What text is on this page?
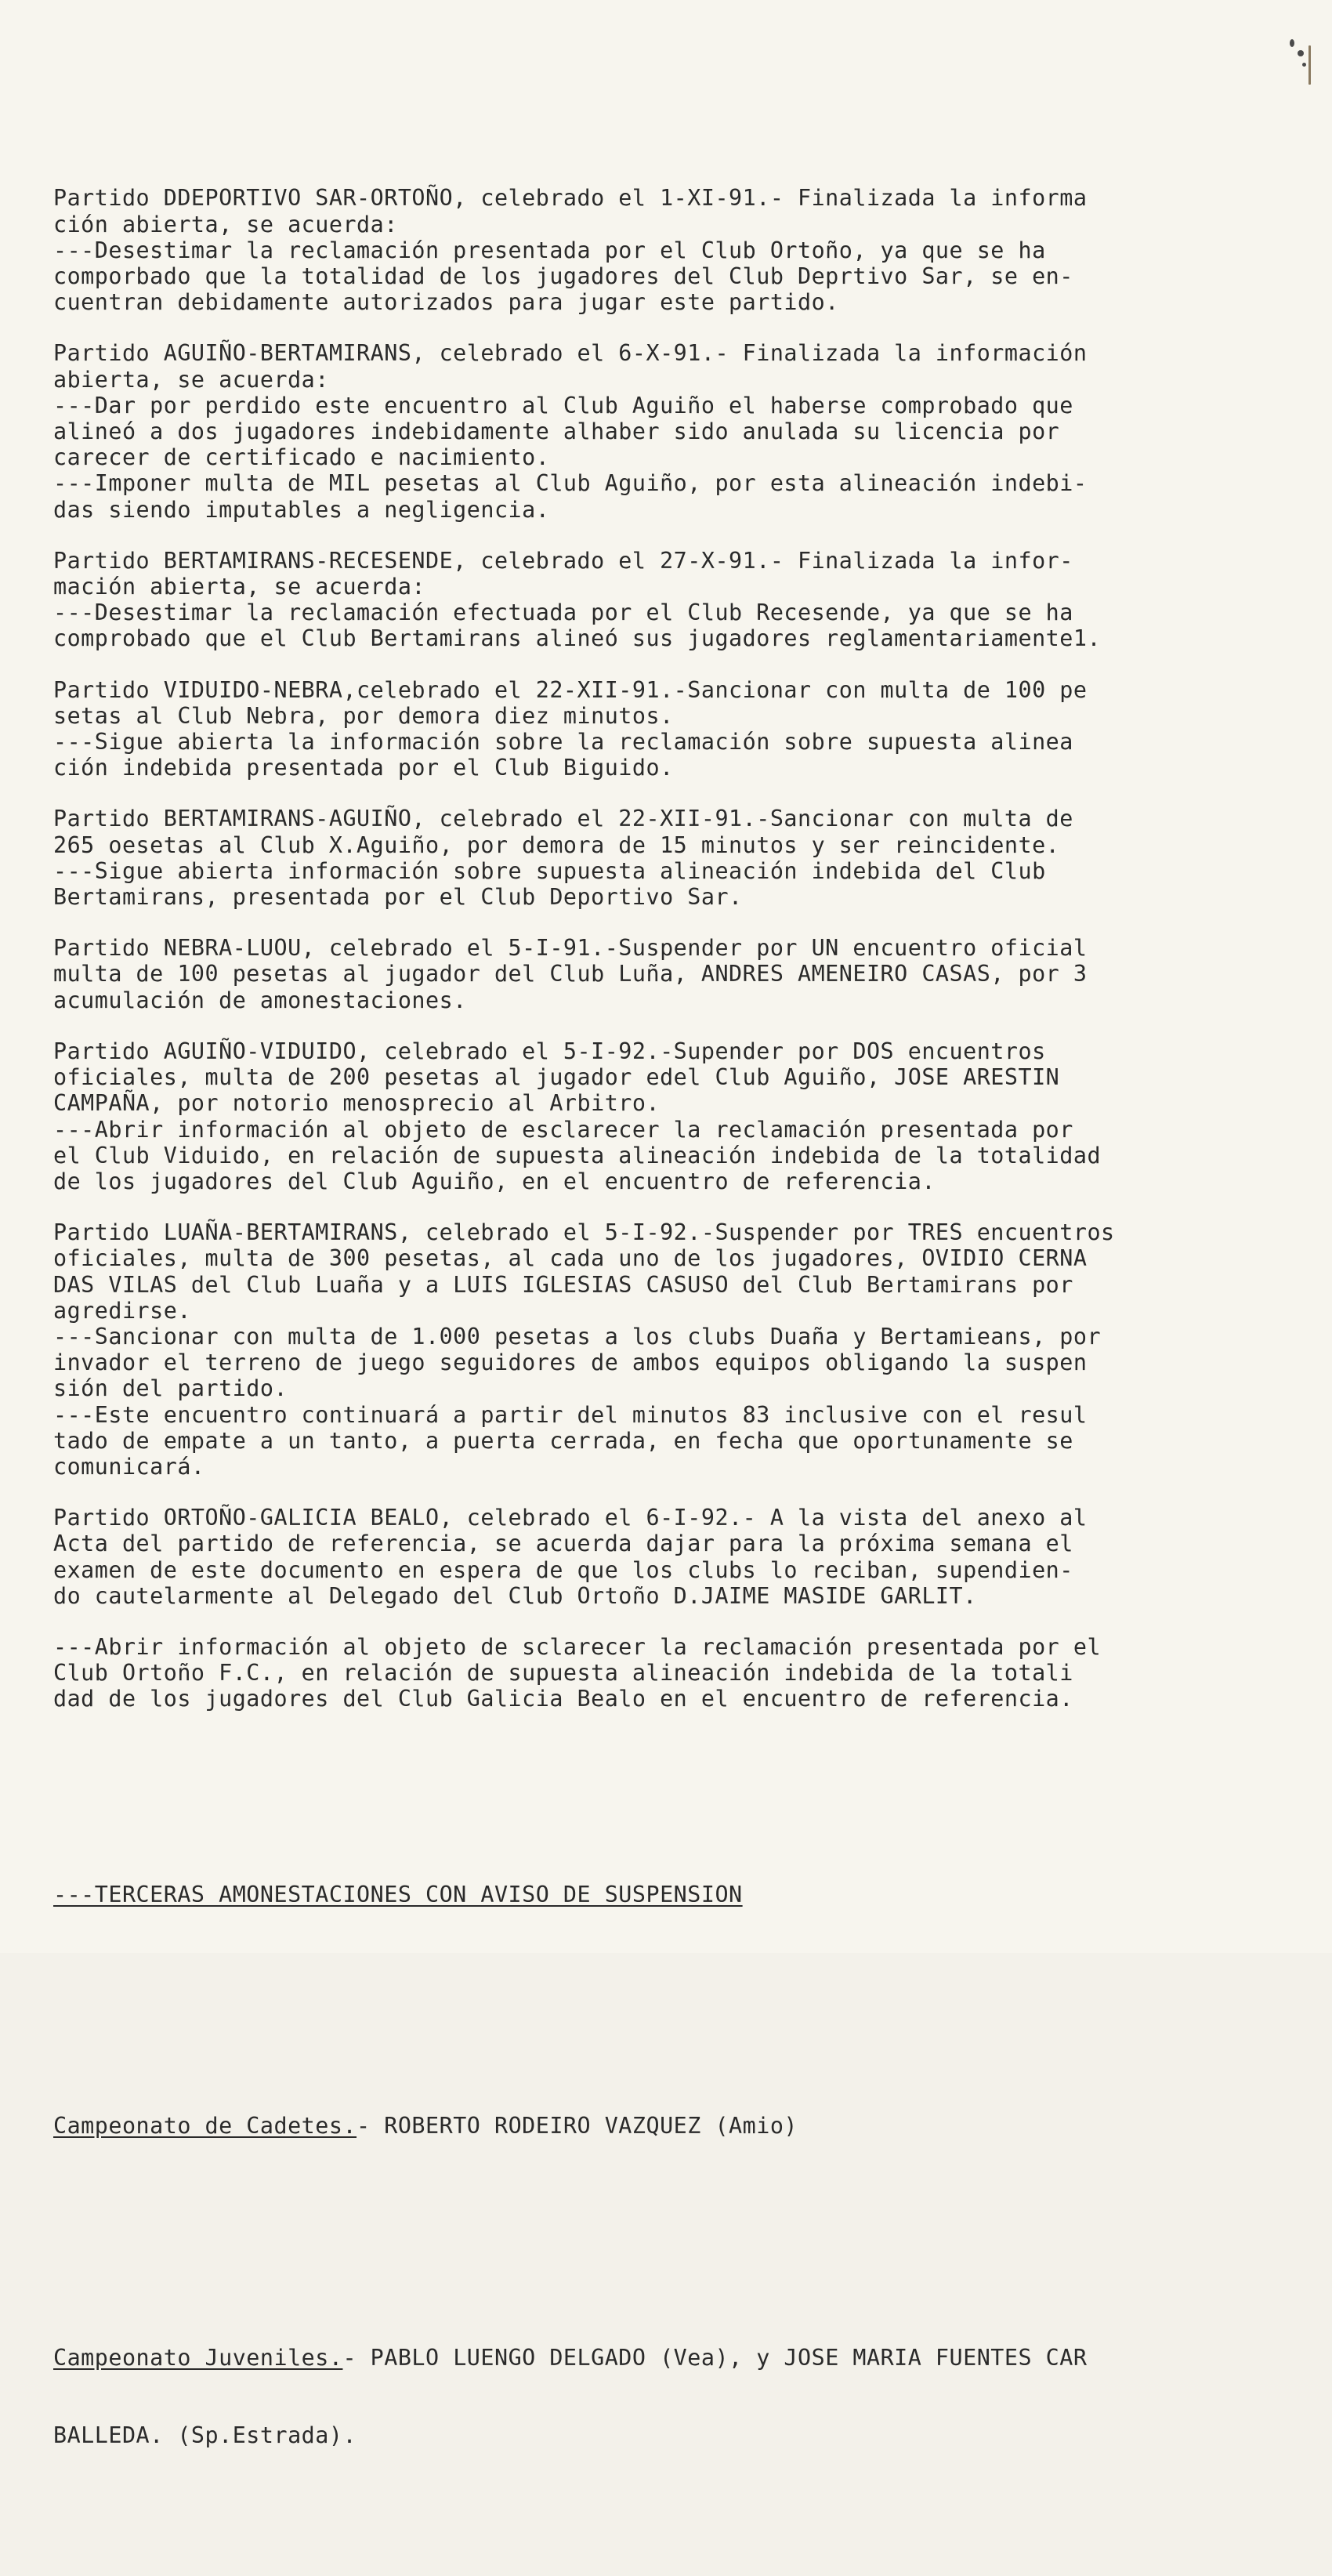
Partido DDEPORTIVO SAR-ORTOÑO, celebrado el 1-XI-91.- Finalizada la informa
ción abierta, se acuerda:
---Desestimar la reclamación presentada por el Club Ortoño, ya que se ha
comporbado que la totalidad de los jugadores del Club Deprtivo Sar, se en-
cuentran debidamente autorizados para jugar este partido.
Partido AGUIÑO-BERTAMIRANS, celebrado el 6-X-91.- Finalizada la información
abierta, se acuerda:
---Dar por perdido este encuentro al Club Aguiño el haberse comprobado que
alineó a dos jugadores indebidamente alhaber sido anulada su licencia por
carecer de certificado e nacimiento.
---Imponer multa de MIL pesetas al Club Aguiño, por esta alineación indebi-
das siendo imputables a negligencia.
Partido BERTAMIRANS-RECESENDE, celebrado el 27-X-91.- Finalizada la infor-
mación abierta, se acuerda:
---Desestimar la reclamación efectuada por el Club Recesende, ya que se ha
comprobado que el Club Bertamirans alineó sus jugadores reglamentariamente1.
Partido VIDUIDO-NEBRA,celebrado el 22-XII-91.-Sancionar con multa de 100 pe
setas al Club Nebra, por demora diez minutos.
---Sigue abierta la información sobre la reclamación sobre supuesta alinea
ción indebida presentada por el Club Biguido.
Partido BERTAMIRANS-AGUIÑO, celebrado el 22-XII-91.-Sancionar con multa de
265 oesetas al Club X.Aguiño, por demora de 15 minutos y ser reincidente.
---Sigue abierta información sobre supuesta alineación indebida del Club
Bertamirans, presentada por el Club Deportivo Sar.
Partido NEBRA-LUOU, celebrado el 5-I-91.-Suspender por UN encuentro oficial
multa de 100 pesetas al jugador del Club Luña, ANDRES AMENEIRO CASAS, por 3
acumulación de amonestaciones.
Partido AGUIÑO-VIDUIDO, celebrado el 5-I-92.-Supender por DOS encuentros
oficiales, multa de 200 pesetas al jugador edel Club Aguiño, JOSE ARESTIN
CAMPAÑA, por notorio menosprecio al Arbitro.
---Abrir información al objeto de esclarecer la reclamación presentada por
el Club Viduido, en relación de supuesta alineación indebida de la totalidad
de los jugadores del Club Aguiño, en el encuentro de referencia.
Partido LUAÑA-BERTAMIRANS, celebrado el 5-I-92.-Suspender por TRES encuentros
oficiales, multa de 300 pesetas, al cada uno de los jugadores, OVIDIO CERNA
DAS VILAS del Club Luaña y a LUIS IGLESIAS CASUSO del Club Bertamirans por
agredirse.
---Sancionar con multa de 1.000 pesetas a los clubs Duaña y Bertamieans, por
invador el terreno de juego seguidores de ambos equipos obligando la suspen
sión del partido.
---Este encuentro continuará a partir del minutos 83 inclusive con el resul
tado de empate a un tanto, a puerta cerrada, en fecha que oportunamente se
comunicará.
Partido ORTOÑO-GALICIA BEALO, celebrado el 6-I-92.- A la vista del anexo al
Acta del partido de referencia, se acuerda dajar para la próxima semana el
examen de este documento en espera de que los clubs lo reciban, supendien-
do cautelarmente al Delegado del Club Ortoño D.JAIME MASIDE GARLIT.
---Abrir información al objeto de sclarecer la reclamación presentada por el
Club Ortoño F.C., en relación de supuesta alineación indebida de la totali
dad de los jugadores del Club Galicia Bealo en el encuentro de referencia.

---TERCERAS AMONESTACIONES CON AVISO DE SUSPENSION

Campeonato de Cadetes.- ROBERTO RODEIRO VAZQUEZ (Amio)

Campeonato Juveniles.- PABLO LUENGO DELGADO (Vea), y JOSE MARIA FUENTES CAR

BALLEDA. (Sp.Estrada).
